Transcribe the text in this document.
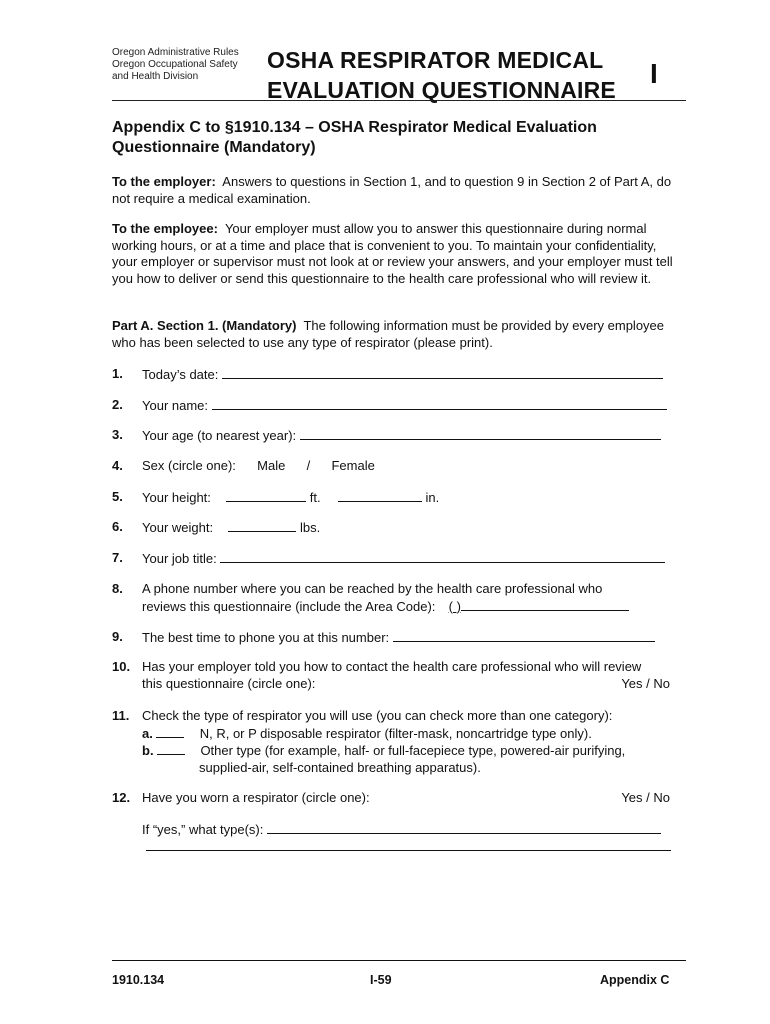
Oregon Administrative Rules
Oregon Occupational Safety
and Health Division
OSHA RESPIRATOR MEDICAL
EVALUATION QUESTIONNAIRE
I
Appendix C to §1910.134 – OSHA Respirator Medical Evaluation
Questionnaire (Mandatory)
To the employer: Answers to questions in Section 1, and to question 9 in Section 2 of Part A, do not require a medical examination.
To the employee: Your employer must allow you to answer this questionnaire during normal working hours, or at a time and place that is convenient to you. To maintain your confidentiality, your employer or supervisor must not look at or review your answers, and your employer must tell you how to deliver or send this questionnaire to the health care professional who will review it.
Part A. Section 1. (Mandatory) The following information must be provided by every employee who has been selected to use any type of respirator (please print).
1. Today’s date:
2. Your name:
3. Your age (to nearest year):
4. Sex (circle one): Male / Female
5. Your height:	ft.	in.
6. Your weight:	lbs.
7. Your job title:
8. A phone number where you can be reached by the health care professional who
reviews this questionnaire (include the Area Code): ( )
9. The best time to phone you at this number:
10. Has your employer told you how to contact the health care professional who will review
this questionnaire (circle one):	Yes / No
11. Check the type of respirator you will use (you can check more than one category):
a.	N, R, or P disposable respirator (filter-mask, noncartridge type only).
b.	Other type (for example, half- or full-facepiece type, powered-air purifying,
supplied-air, self-contained breathing apparatus).
12. Have you worn a respirator (circle one):	Yes / No
If “yes,” what type(s):
1910.134	I-59	Appendix C
